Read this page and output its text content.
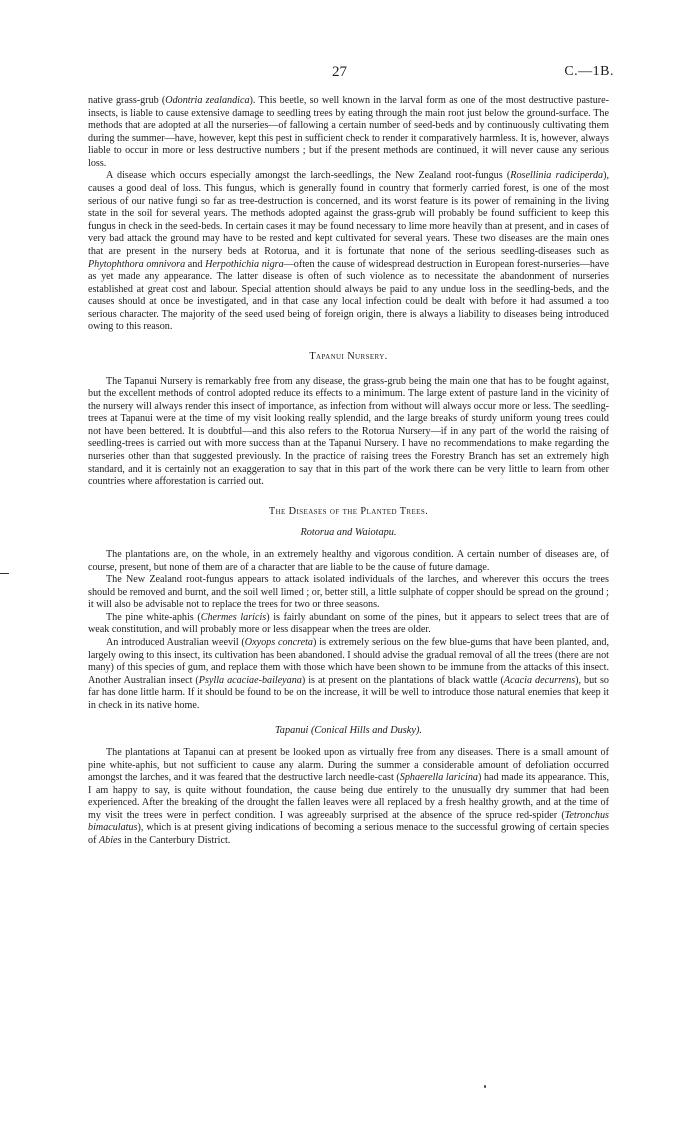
27	C.—1B.

native grass-grub (Odontria zealandica). This beetle, so well known in the larval form as one of the most destructive pasture-insects, is liable to cause extensive damage to seedling trees by eating through the main root just below the ground-surface. The methods that are adopted at all the nurseries—of fallowing a certain number of seed-beds and by continuously cultivating them during the summer—have, however, kept this pest in sufficient check to render it comparatively harmless. It is, however, always liable to occur in more or less destructive numbers ; but if the present methods are continued, it will never cause any serious loss.

A disease which occurs especially amongst the larch-seedlings, the New Zealand root-fungus (Rosellinia radiciperda), causes a good deal of loss. This fungus, which is generally found in country that formerly carried forest, is one of the most serious of our native fungi so far as tree-destruction is concerned, and its worst feature is its power of remaining in the living state in the soil for several years. The methods adopted against the grass-grub will probably be found sufficient to keep this fungus in check in the seed-beds. In certain cases it may be found necessary to lime more heavily than at present, and in cases of very bad attack the ground may have to be rested and kept cultivated for several years. These two diseases are the main ones that are present in the nursery beds at Rotorua, and it is fortunate that none of the serious seedling-diseases such as Phytophthora omnivora and Herpothichia nigra—often the cause of widespread destruction in European forest-nurseries—have as yet made any appearance. The latter disease is often of such violence as to necessitate the abandonment of nurseries established at great cost and labour. Special attention should always be paid to any undue loss in the seedling-beds, and the causes should at once be investigated, and in that case any local infection could be dealt with before it had assumed a too serious character. The majority of the seed used being of foreign origin, there is always a liability to diseases being introduced owing to this reason.

Tapanui Nursery.

The Tapanui Nursery is remarkably free from any disease, the grass-grub being the main one that has to be fought against, but the excellent methods of control adopted reduce its effects to a minimum. The large extent of pasture land in the vicinity of the nursery will always render this insect of importance, as infection from without will always occur more or less. The seedling-trees at Tapanui were at the time of my visit looking really splendid, and the large breaks of sturdy uniform young trees could not have been bettered. It is doubtful—and this also refers to the Rotorua Nursery—if in any part of the world the raising of seedling-trees is carried out with more success than at the Tapanui Nursery. I have no recommendations to make regarding the nurseries other than that suggested previously. In the practice of raising trees the Forestry Branch has set an extremely high standard, and it is certainly not an exaggeration to say that in this part of the work there can be very little to learn from other countries where afforestation is carried out.

The Diseases of the Planted Trees.

Rotorua and Waiotapu.

The plantations are, on the whole, in an extremely healthy and vigorous condition. A certain number of diseases are, of course, present, but none of them are of a character that are liable to be the cause of future damage.

The New Zealand root-fungus appears to attack isolated individuals of the larches, and wherever this occurs the trees should be removed and burnt, and the soil well limed ; or, better still, a little sulphate of copper should be spread on the ground ; it will also be advisable not to replace the trees for two or three seasons.

The pine white-aphis (Chermes laricis) is fairly abundant on some of the pines, but it appears to select trees that are of weak constitution, and will probably more or less disappear when the trees are older.

An introduced Australian weevil (Oxyops concreta) is extremely serious on the few blue-gums that have been planted, and, largely owing to this insect, its cultivation has been abandoned. I should advise the gradual removal of all the trees (there are not many) of this species of gum, and replace them with those which have been shown to be immune from the attacks of this insect. Another Australian insect (Psylla acaciae-baileyana) is at present on the plantations of black wattle (Acacia decurrens), but so far has done little harm. If it should be found to be on the increase, it will be well to introduce those natural enemies that keep it in check in its native home.

Tapanui (Conical Hills and Dusky).

The plantations at Tapanui can at present be looked upon as virtually free from any diseases. There is a small amount of pine white-aphis, but not sufficient to cause any alarm. During the summer a considerable amount of defoliation occurred amongst the larches, and it was feared that the destructive larch needle-cast (Sphaerella laricina) had made its appearance. This, I am happy to say, is quite without foundation, the cause being due entirely to the unusually dry summer that had been experienced. After the breaking of the drought the fallen leaves were all replaced by a fresh healthy growth, and at the time of my visit the trees were in perfect condition. I was agreeably surprised at the absence of the spruce red-spider (Tetronchus bimaculatus), which is at present giving indications of becoming a serious menace to the successful growing of certain species of Abies in the Canterbury District.
